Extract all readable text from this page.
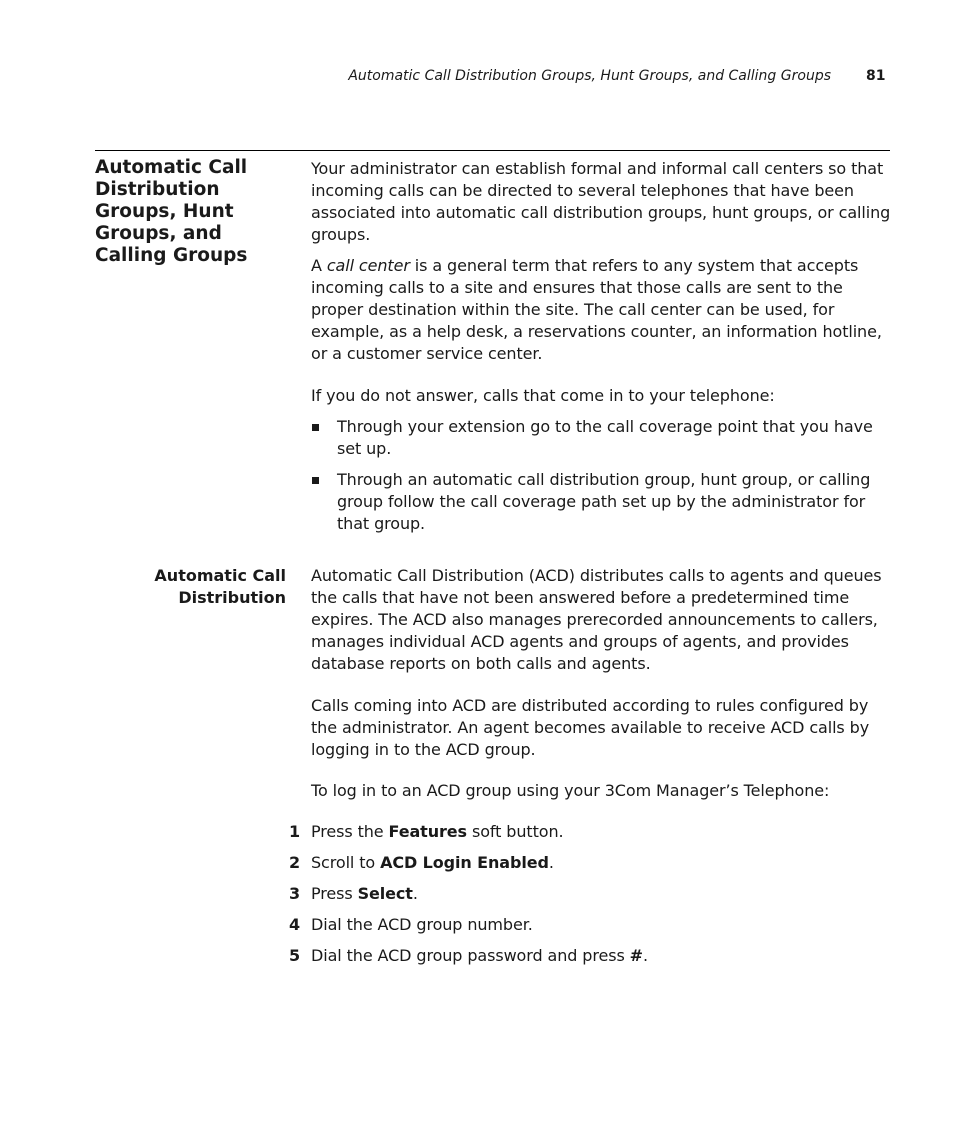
Automatic Call Distribution Groups, Hunt Groups, and Calling Groups	81
Automatic Call Distribution Groups, Hunt Groups, and Calling Groups

Your administrator can establish formal and informal call centers so that incoming calls can be directed to several telephones that have been associated into automatic call distribution groups, hunt groups, or calling groups.

A call center is a general term that refers to any system that accepts incoming calls to a site and ensures that those calls are sent to the proper destination within the site. The call center can be used, for example, as a help desk, a reservations counter, an information hotline, or a customer service center.

If you do not answer, calls that come in to your telephone:

Through your extension go to the call coverage point that you have set up.
Through an automatic call distribution group, hunt group, or calling group follow the call coverage path set up by the administrator for that group.
Automatic Call Distribution

Automatic Call Distribution (ACD) distributes calls to agents and queues the calls that have not been answered before a predetermined time expires. The ACD also manages prerecorded announcements to callers, manages individual ACD agents and groups of agents, and provides database reports on both calls and agents.

Calls coming into ACD are distributed according to rules configured by the administrator. An agent becomes available to receive ACD calls by logging in to the ACD group.

To log in to an ACD group using your 3Com Manager’s Telephone:

1 Press the Features soft button.
2 Scroll to ACD Login Enabled.
3 Press Select.
4 Dial the ACD group number.
5 Dial the ACD group password and press #.
